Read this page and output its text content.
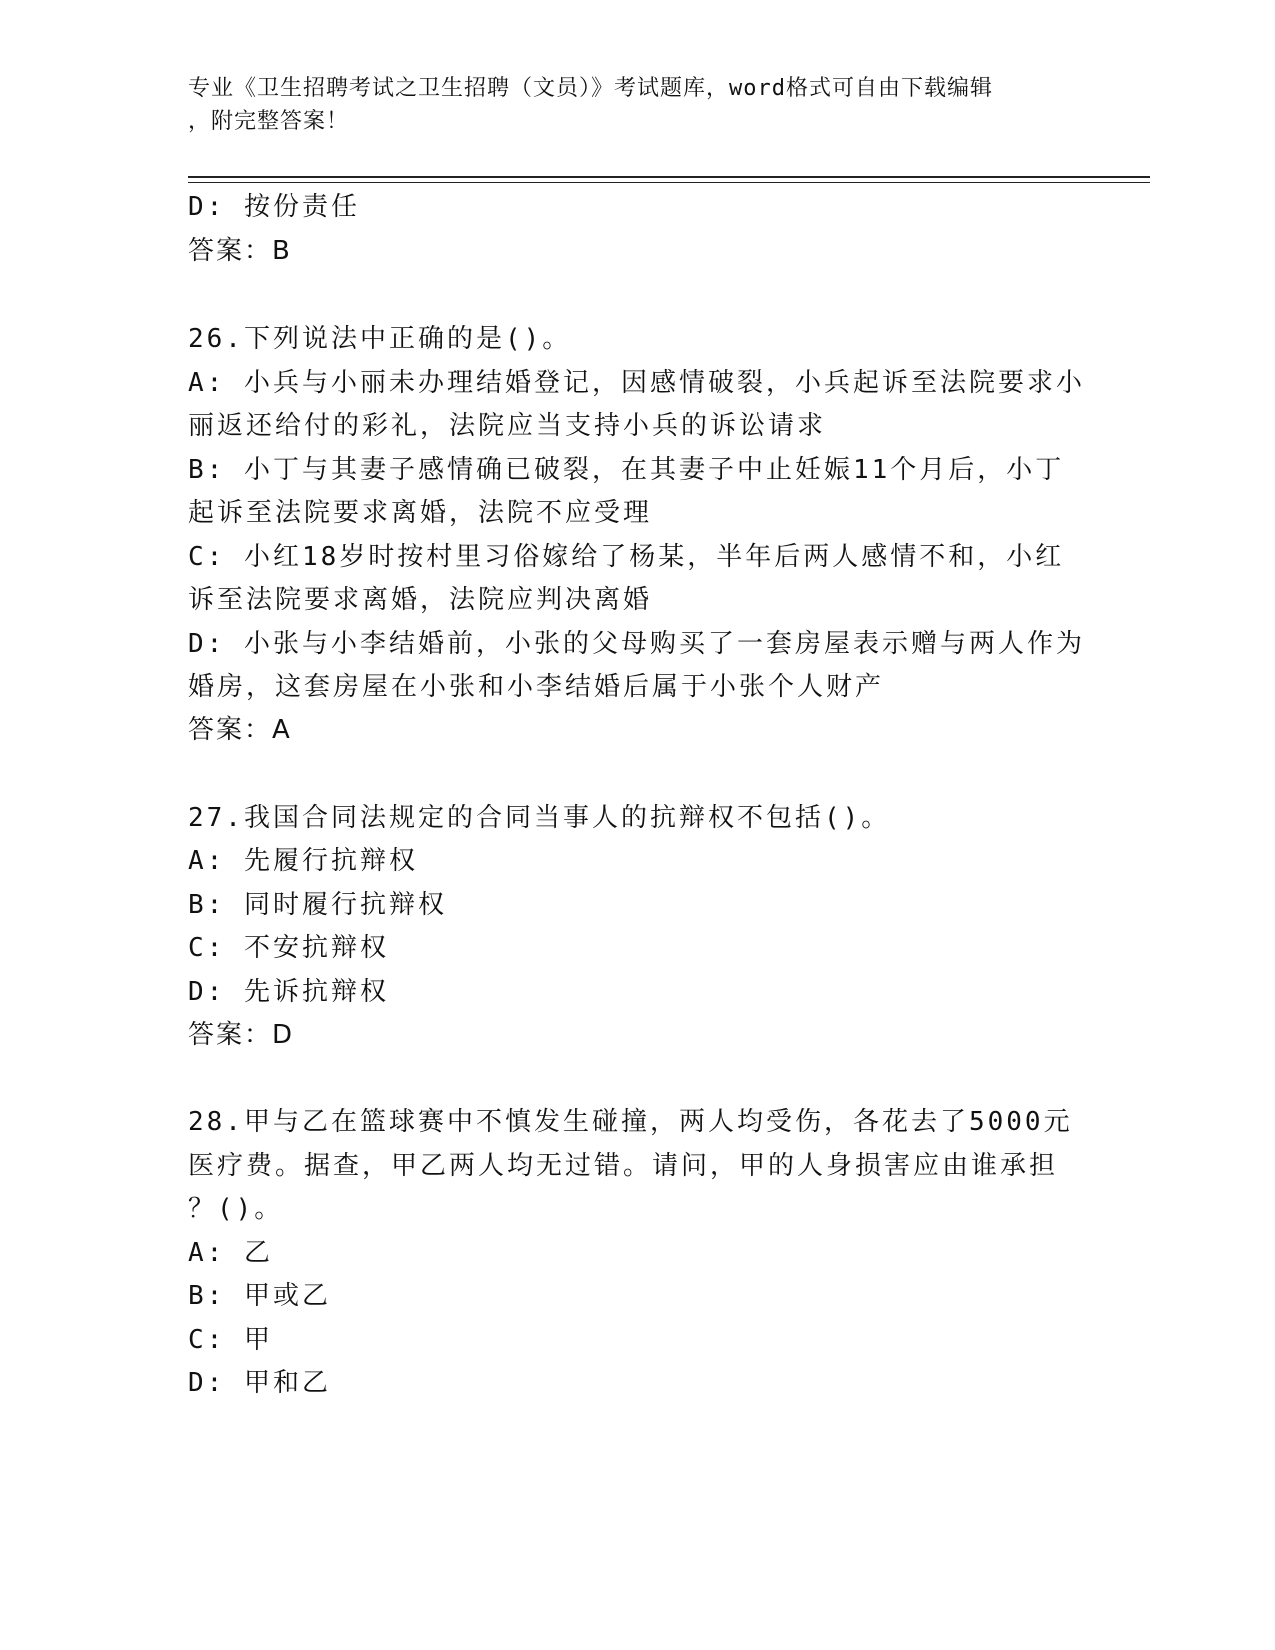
专业《卫生招聘考试之卫生招聘（文员）》考试题库，word格式可自由下载编辑
，附完整答案！
D: 按份责任
答案：B
26.下列说法中正确的是()。
A: 小兵与小丽未办理结婚登记，因感情破裂，小兵起诉至法院要求小
丽返还给付的彩礼，法院应当支持小兵的诉讼请求
B: 小丁与其妻子感情确已破裂，在其妻子中止妊娠11个月后，小丁
起诉至法院要求离婚，法院不应受理
C: 小红18岁时按村里习俗嫁给了杨某，半年后两人感情不和，小红
诉至法院要求离婚，法院应判决离婚
D: 小张与小李结婚前，小张的父母购买了一套房屋表示赠与两人作为
婚房，这套房屋在小张和小李结婚后属于小张个人财产
答案：A
27.我国合同法规定的合同当事人的抗辩权不包括()。
A: 先履行抗辩权
B: 同时履行抗辩权
C: 不安抗辩权
D: 先诉抗辩权
答案：D
28.甲与乙在篮球赛中不慎发生碰撞，两人均受伤，各花去了5000元
医疗费。据查，甲乙两人均无过错。请问，甲的人身损害应由谁承担
？()。
A: 乙
B: 甲或乙
C: 甲
D: 甲和乙
